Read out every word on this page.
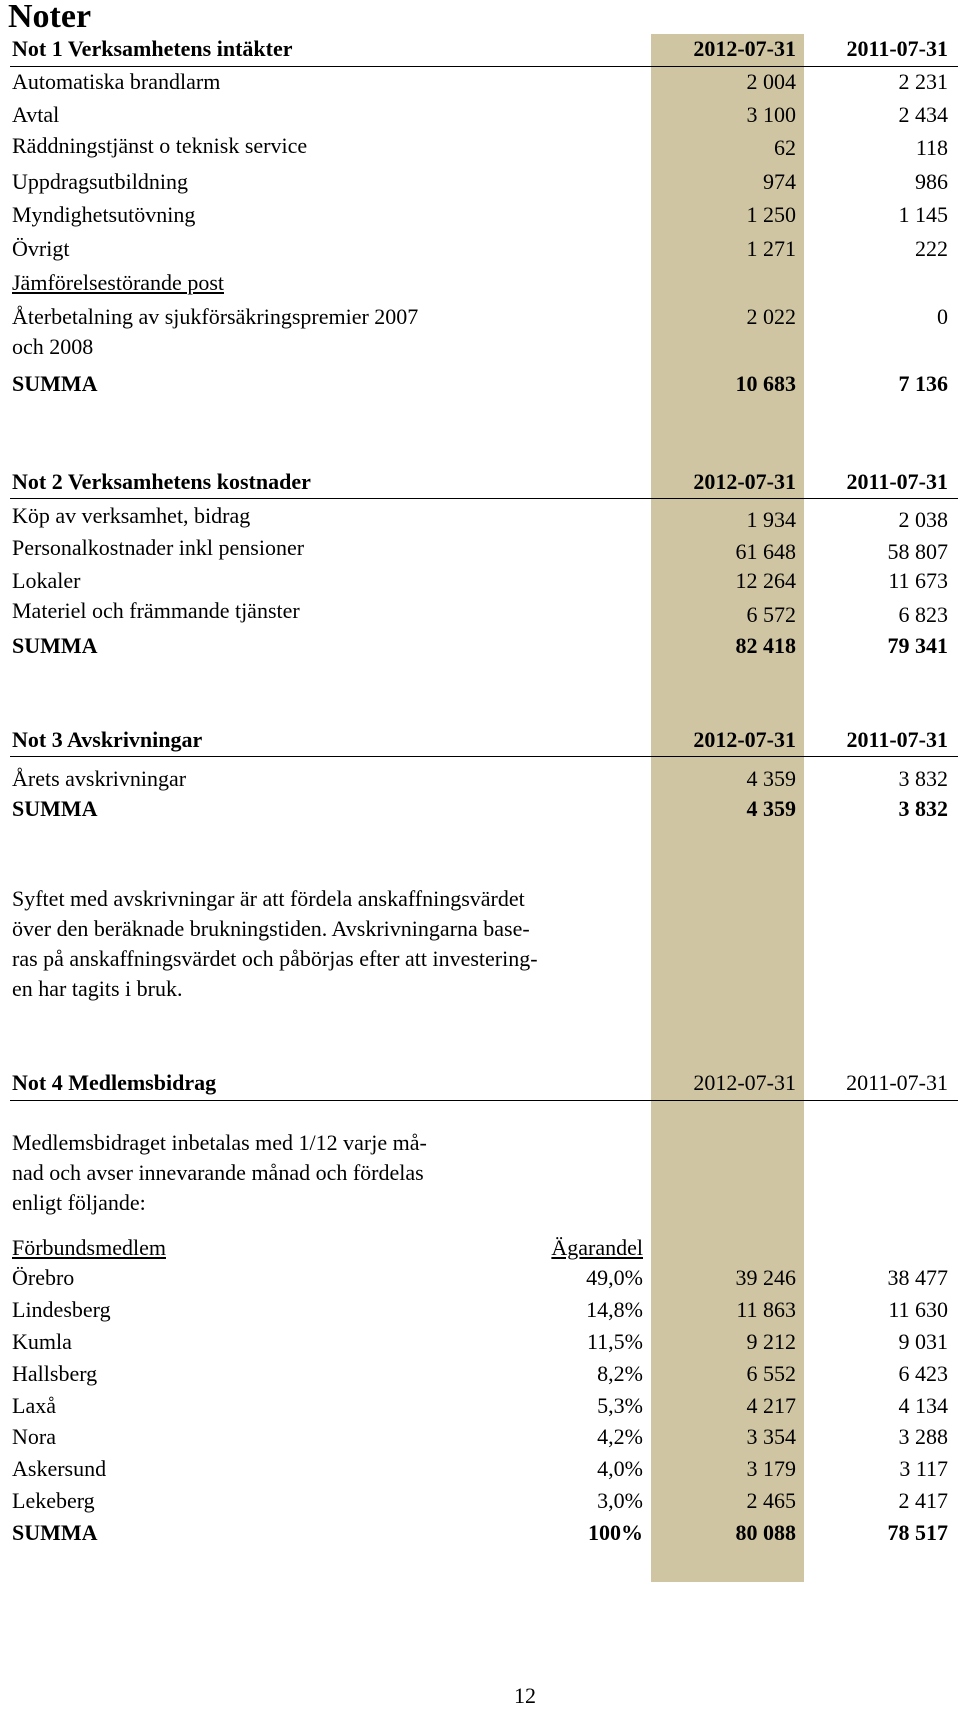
Noter
Not 1 Verksamhetens intäkter	2012-07-31 2011-07-31
Automatiska brandlarm	2 004	2 231
Avtal	3 100	2 434
Räddningstjänst o teknisk service	62	118
Uppdragsutbildning	974	986
Myndighetsutövning	1 250	1 145
Övrigt	1 271	222
Jämförelsestörande post
Återbetalning av sjukförsäkringspremier 2007
och 2008
2 022	0
SUMMA	10 683	7 136
Not 2 Verksamhetens kostnader	2012-07-31 2011-07-31
Köp av verksamhet, bidrag	1 934	2 038
Personalkostnader inkl pensioner	61 648	58 807
Lokaler	12 264	11 673
Materiel och främmande tjänster	6 572	6 823
SUMMA	82 418	79 341
Not 3 Avskrivningar	2012-07-31 2011-07-31
Årets avskrivningar	4 359	3 832
SUMMA	4 359	3 832
Syftet med avskrivningar är att fördela anskaffningsvärdet
över den beräknade brukningstiden. Avskrivningarna base-
ras på anskaffningsvärdet och påbörjas efter att investering-
en har tagits i bruk.
Not 4 Medlemsbidrag	2012-07-31 2011-07-31
Medlemsbidraget inbetalas med 1/12 varje må-
nad och avser innevarande månad och fördelas
enligt följande:
Förbundsmedlem	Ägarandel
Örebro	49,0%	39 246	38 477
Lindesberg	14,8%	11 863	11 630
Kumla	11,5%	9 212	9 031
Hallsberg	8,2%	6 552	6 423
Laxå	5,3%	4 217	4 134
Nora	4,2%	3 354	3 288
Askersund	4,0%	3 179	3 117
Lekeberg	3,0%	2 465	2 417
SUMMA	100%	80 088	78 517
12
